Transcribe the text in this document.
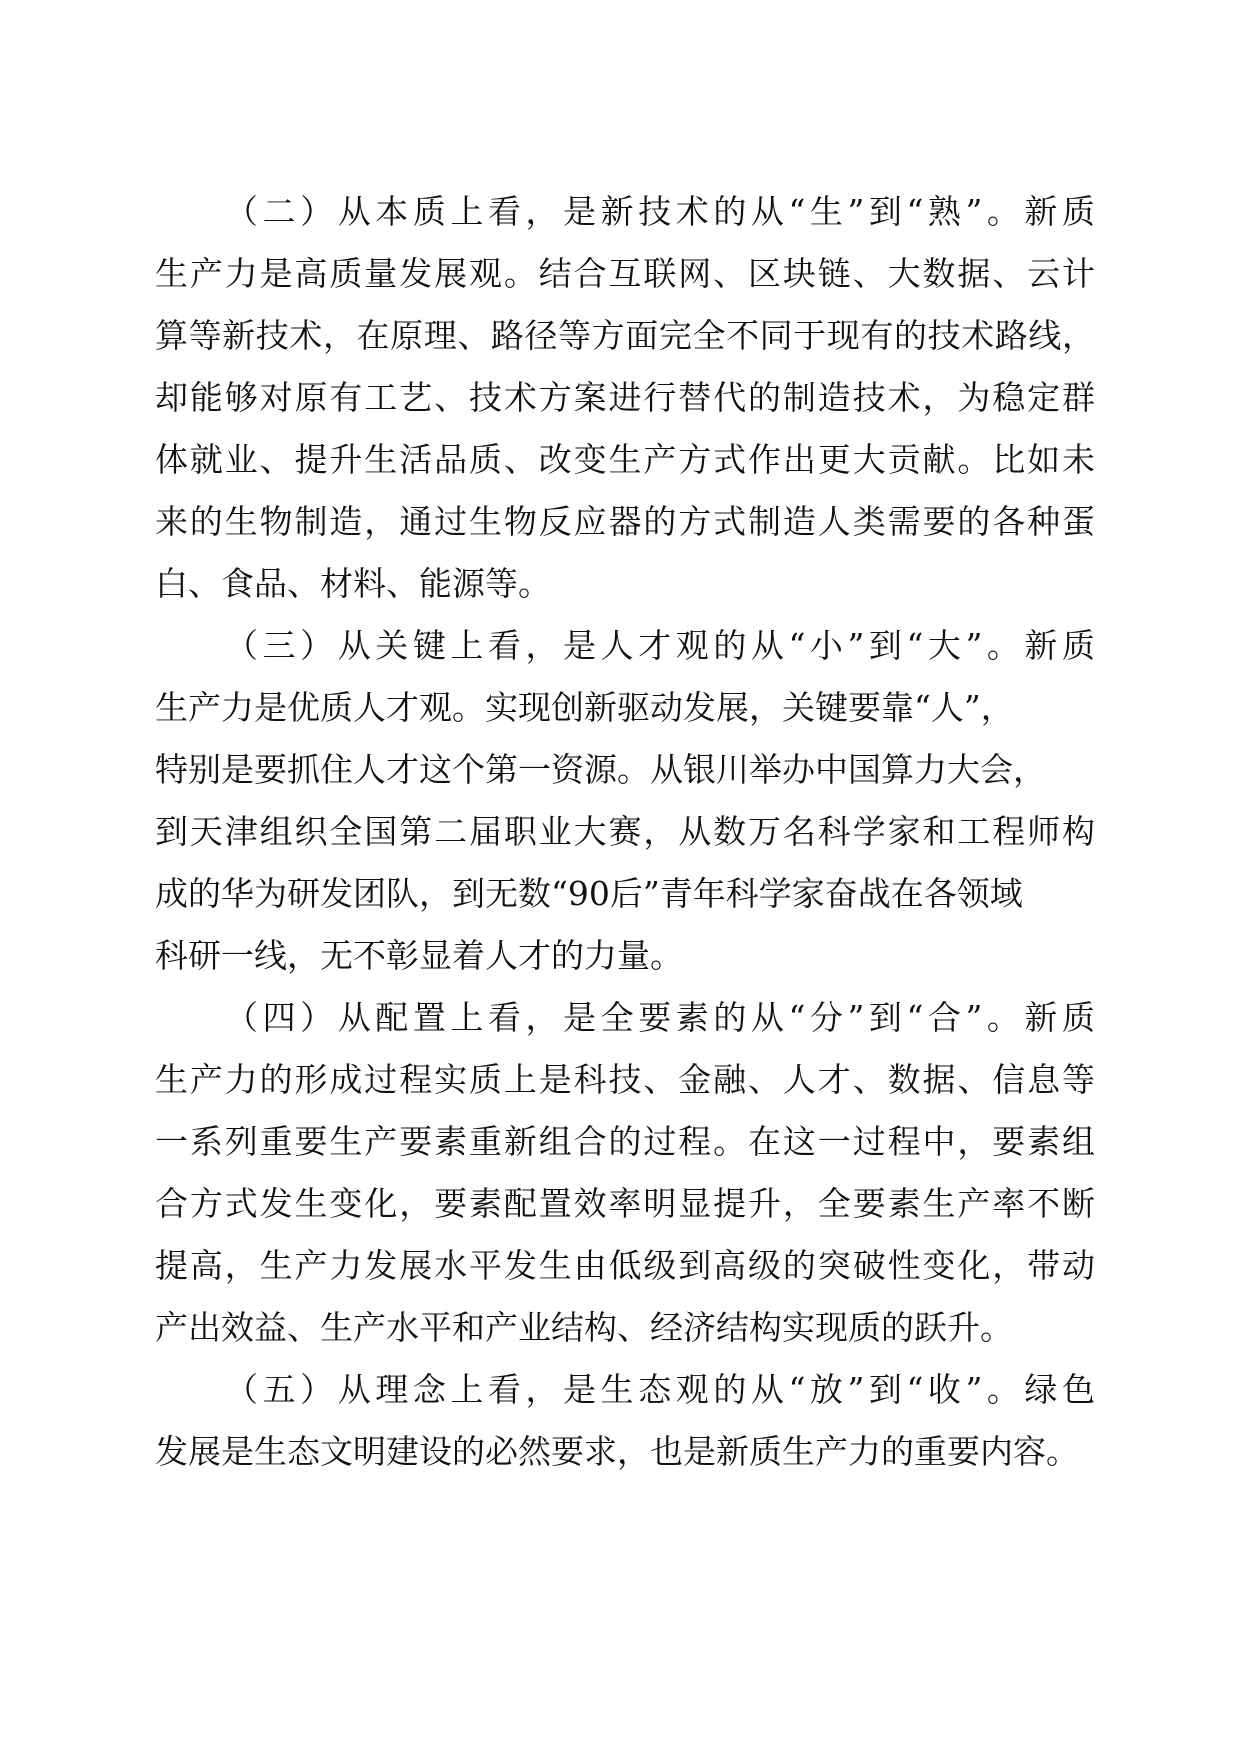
（二）从本质上看，是新技术的从“生”到“熟”。新质
生产力是高质量发展观。结合互联网、区块链、大数据、云计
算等新技术，在原理、路径等方面完全不同于现有的技术路线，
却能够对原有工艺、技术方案进行替代的制造技术，为稳定群
体就业、提升生活品质、改变生产方式作出更大贡献。比如未
来的生物制造，通过生物反应器的方式制造人类需要的各种蛋
白、食品、材料、能源等。
（三）从关键上看，是人才观的从“小”到“大”。新质
生产力是优质人才观。实现创新驱动发展，关键要靠“人”，
特别是要抓住人才这个第一资源。从银川举办中国算力大会，
到天津组织全国第二届职业大赛，从数万名科学家和工程师构
成的华为研发团队，到无数“90后”青年科学家奋战在各领域
科研一线，无不彰显着人才的力量。
（四）从配置上看，是全要素的从“分”到“合”。新质
生产力的形成过程实质上是科技、金融、人才、数据、信息等
一系列重要生产要素重新组合的过程。在这一过程中，要素组
合方式发生变化，要素配置效率明显提升，全要素生产率不断
提高，生产力发展水平发生由低级到高级的突破性变化，带动
产出效益、生产水平和产业结构、经济结构实现质的跃升。
（五）从理念上看，是生态观的从“放”到“收”。绿色
发展是生态文明建设的必然要求，也是新质生产力的重要内容。
